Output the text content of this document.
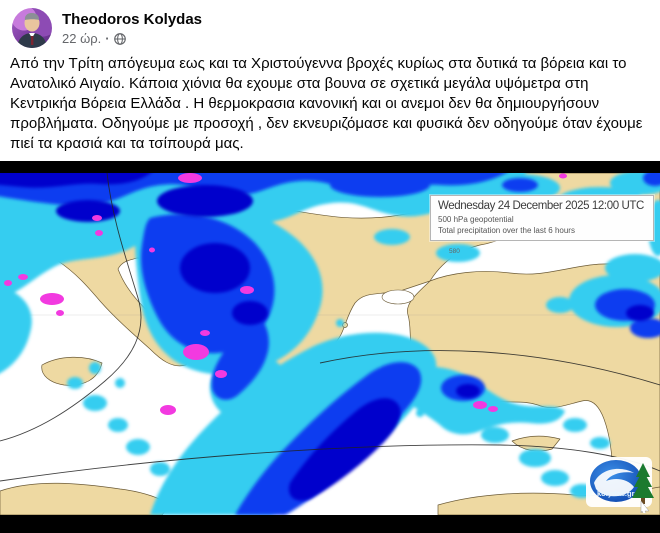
Theodoros Kolydas
22 ώρ. ·
Από την Τρίτη απόγευμα εως και τα Χριστούγεννα βροχές κυρίως στα δυτικά τα βόρεια και το Ανατολικό Αιγαίο. Κάποια χιόνια θα εχουμε στα βουνα σε σχετικά μεγάλα υψόμετρα στη Κεντρικήα Βόρεια Ελλάδα . Η θερμοκρασια κανονική και οι ανεμοι δεν θα δημιουργήσουν προβλήματα. Οδηγούμε με προσοχή , δεν εκνευριζόμασε και φυσικά δεν οδηγούμε όταν έχουμε πιεί τα κρασιά και τα τσίπουρά μας.
580
Wednesday 24 December 2025 12:00 UTC
500 hPa geopotential
Total precipitation over the last 6 hours
kolydas.gr
